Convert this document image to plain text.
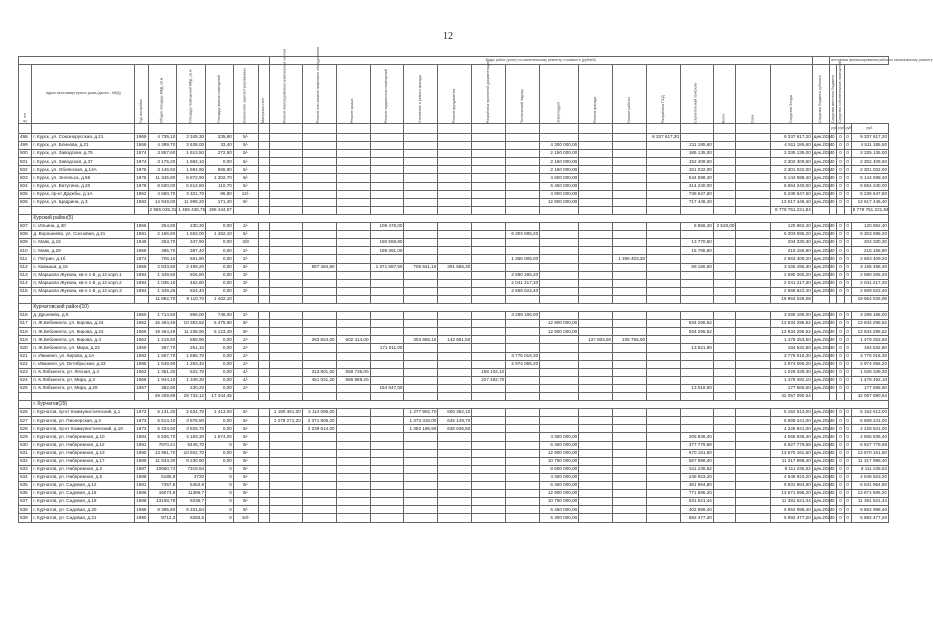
12
								Виды работ (услуг) по капитальному ремонту, стоимость (рублей)																	источники финансирования работ по капитальному ремонту			
№ п/п	Адрес многоквартирного дома (далее - МКД)	Год постройки	Общая площадь МКД, кв.м	Площадь помещений МКД, кв.м	Площадь жилых помещений	Количество зарегистрированных	Материал стен	Ремонт внутридомовых инженерных систем	Ремонт или замена лифтового оборудования	Ремонт крыши	Ремонт подвальных помещений	Утепление и ремонт фасада	Ремонт фундамента	Разработка проектной документации	Технический надзор	Энергоаудит	Ремонт фасада	Прочие работы	Разработка ПСД	Строительный контроль	Всего	Срок	Средства Фонда	Средства бюджета субъекта	Средства местного бюджета	Средства собственников помещений		
																									руб.	руб.	руб.	руб.
498	г. Курск, ул. Союзнорусская, д.21	1969	4 735,10	3 345,30	335,90	5/-													8 337 617,20				9 337 617,20	дек.2024	0	0	0	9 337 617,20
499	г. Курск, ул. Блинова, д.21	1969	4 399,70	3 638,00	33,40	5/-										4 300 000,00				211 185,60			4 511 185,60	дек.2024	0	0	0	4 511 185,60
500	г. Курск, ул. Заводская, д.75	1974	3 857,60	1 913,50	272,50	5/-										2 150 000,00				185 135,00			2 335 135,00	дек.2024	0	0	0	2 335 135,00
501	г. Курск, ул. Заводская, д.37	1974	3 175,20	1 984,10	0,00	5/-										2 150 000,00				152 409,60			2 302 409,60	дек.2024	0	0	0	2 302 409,60
502	г. Курск, ул. Обоянская, д.14А	1975	3 146,50	1 894,90	965,80	5/-										2 150 000,00				151 032,00			2 301 032,00	дек.2024	0	0	0	2 301 032,00
503	г. Курск, ул. Энгельса, д.66	1975	11 345,80	6 872,90	1 302,70	9/-										4 600 000,00				544 598,40			5 144 598,40	дек.2024	0	0	0	5 144 598,40
504	г. Курск, ул. Ватутина, д.20	1978	8 630,00	5 514,80	110,70	5/-										6 450 000,00				414 240,00			6 864 240,00	дек.2024	0	0	0	6 864 240,00
505	г. Курск, пр-кт Дружбы, д.1А	1962	4 660,70	3 321,70	86,80	12/-										4 900 000,00				736 647,60			5 236 647,60	дек.2024	0	0	0	5 236 647,60
506	г. Курск, ул. Щедрина, д.3	1983	14 949,00	11 999,20	171,40	9/-										12 900 000,00				717 446,40			13 617 446,40	дек.2024	0	0	0	13 617 446,40
			2 965 025,31	1 459 436,75	196 444,57																		8 779 751 221,84					8 779 751 221,84
	Курский район(5)																											
507	с. Ильина, д.30	1966	254,80	230,30	0,00	2/-					109 478,00									8 856,40	2 528,00		120 862,40	дек.2024	0	0	0	120 862,40
508	д. Ворошнево, ул. Сосновая, д.21	1981	2 196,60	1 563,00	1 462,10	5/-									6 303 695,20								6 303 695,20	дек.2024	0	0	0	6 303 695,20
509	с. Маяк, д.15	1949	253,70	347,90	0,00	2/8					190 559,80									13 770,50			204 330,30	дек.2024	0	0	0	204 330,30
510	с. Маяк, д.28	1969	485,70	387,40	0,00	2/-					199 391,00									15 765,80			215 156,80	дек.2024	0	0	0	215 156,80
511	с. Петрин, д.1б	1974	706,10	651,90	0,00	2/-									1 355 005,00			1 306 403,30					2 663 409,20	дек.2024	0	0	0	2 663 409,20
512	с. Камыши, д.15	1969	2 833,80	2 499,20	0,00	5/-			857 484,80		1 371 687,60	705 641,10	391 556,30							89 186,50			3 165 496,30	дек.2024	0	0	0	3 165 496,30
513	п. Маршала Жукова, кв-л 1-й, д.12 корп.1	1994	1 349,60	926,80	0,00	3/-									2 580 265,20								2 580 265,20	дек.2024	0	0	0	2 580 265,20
514	п. Маршала Жукова, кв-л 1-й, д.12 корп.2	1994	1 035,10	462,60	0,00	3/-									2 041 217,30								2 041 217,30	дек.2024	0	0	0	2 041 217,30
515	п. Маршала Жукова, кв-л 1-й, д.12 корп.3	1994	1 349,25	924,40	0,00	3/-									2 669 622,40								2 669 622,40	дек.2024	0	0	0	2 669 622,40
			11 882,70	8 110,70	1 462,10																		19 964 026,08					19 964 026,08
	Курчатовский район(10)																											
516	д. Дроняево, д.5	1960	1 714,50	966,00	748,00	2/-									3 289 186,00								3 289 186,00	дек.2024	0	0	0	3 289 186,00
517	п. Ж.Бебинихта, ул. Кирова, д.24	1962	15 464,49	10 383,52	6 475,90	9/-										12 900 000,00				934 295,52			13 834 295,52	дек.2024	0	0	0	13 834 295,52
518	п. Ж.Бебинихта, ул. Кирова, д.24	1965	19 464,49	11 238,90	6 123,49	9/-										12 900 000,00				934 295,52			13 834 295,52	дек.2024	0	0	0	13 834 295,52
519	п. Ж.Бебинихта, ул. Кирова, д.4	1963	1 219,50	858,90	0,00	2/-			283 924,00	502 414,00		303 655,10	142 681,50				137 803,50	109 755,00					1 479 253,50	дек.2024	0	0	0	1 479 253,50
520	п. Ж.Бебинихта, ул. Мира, д.23	1959	387,70	251,10	0,00	2/-					171 011,00									13 521,80			184 532,80	дек.2024	0	0	0	184 532,80
521	п. Иванино, ул. Кирова, д.1А	1983	1 667,70	1 686,70	0,00	2/-									3 776 016,30								3 776 016,30	дек.2024	0	0	0	3 776 016,30
522	с. Иванино, ул. Октябрьская, д.43	1985	1 549,90	1 283,40	0,00	2/-									2 974 066,20								2 974 066,20	дек.2024	0	0	0	2 974 066,20
523	п. К.Либкнехта, ул. Лесная, д.4	1963	1 351,30	622,70	0,00	4/-			313 801,60	558 735,00				158 102,10									1 028 339,30	дек.2024	0	0	0	1 028 339,30
524	п. К.Либкнехта, ул. Мира, д.3	1966	1 944,10	1 349,30	0,00	4/-			451 031,20	866 969,20				227 492,70									1 478 492,10	дек.2024	0	0	0	1 478 492,10
525	п. К.Либкнехта, ул. Мира, д.29	1957	382,90	230,20	0,00	2/-					164 647,00									13 018,60			177 665,60	дек.2024	0	0	0	177 665,60
			49 409,99	29 733,12	17 344,45																		42 057 090,54					42 057 090,54
	г. Курчатов(29)																											
526	г. Курчатов, пр-кт Коммунистический, д.1	1973	5 131,30	2 634,70	1 413,00	5/-		1 180 461,00	2 114 095,00			1 277 902,70	600 362,10										5 152 613,00	дек.2024	0	0	0	5 152 613,00
527	г. Курчатов, ул. Пионерская, д.3	1973	5 514,10	3 978,80	0,00	5/-		1 279 271,20	2 371 805,20			1 373 318,00	645 149,70										5 669 241,00	дек.2024	0	0	0	5 669 241,00
528	г. Курчатов, пр-кт Коммунистический, д.19	1973	5 434,50	3 925,70	0,00	5/-			2 239 614,00			1 353 196,90	635 636,50										4 228 941,00	дек.2024	0	0	0	4 228 941,00
529	г. Курчатов, ул. Набережная, д.10	1984	5 536,70	4 183,30	1 674,00	5/-										4 300 000,00				265 836,40			4 565 836,40	дек.2024	0	0	0	4 565 836,40
530	г. Курчатов, ул. Набережная, д.12	1991	7870,41	5445,70	0	9/-										6 450 000,00				377 779,68			6 827 779,68	дек.2024	0	0	0	6 827 779,68
531	г. Курчатов, ул. Набережная, д.13	1990	13 961,70	10 602,70	0,00	9/-										12 900 000,00				670 161,60			13 570 161,60	дек.2024	0	0	0	13 570 161,60
532	г. Курчатов, ул. Набережная, д.17	1989	11 833,30	9 230,90	0,00	9/-										10 750 000,00				567 998,40			11 317 998,40	дек.2024	0	0	0	11 317 998,40
533	г. Курчатов, ул. Набережная, д.2	1987	10650,74	7319,94	0	9/-										8 600 000,00				511 235,52			9 111 235,52	дек.2024	0	0	0	9 111 235,52
534	г. Курчатов, ул. Набережная, д.5	1988	5185,9	3720	0	5/-										4 300 000,00				248 923,20			4 548 923,20	дек.2024	0	0	0	4 548 923,20
535	г. Курчатов, ул. Садовая, д.12	1981	7357,6	5453,9	0	9/-										6 450 000,00				381 964,80			6 831 964,80	дек.2024	0	0	0	6 831 964,80
536	г. Курчатов, ул. Садовая, д.16	1986	16074,9	11396,7	0	9/-										12 900 000,00				771 595,20			13 671 595,20	дек.2024	0	0	0	13 671 595,20
537	г. Курчатов, ул. Садовая, д.18	1988	13158,78	9236,7	0	9/-										10 750 000,00				631 621,44			11 381 621,44	дек.2024	0	0	0	11 381 621,44
538	г. Курчатов, ул. Садовая, д.20	1989	8 395,60	6 331,84	0	9/-										6 450 000,00				402 998,40			6 852 998,40	дек.2024	0	0	0	6 852 998,40
539	г. Курчатов, ул. Садовая, д.21	1990	8712,3	6293,5	0	10/-										5 300 000,00				592 477,20			5 892 477,20	дек.2024	0	0	0	5 892 477,20
